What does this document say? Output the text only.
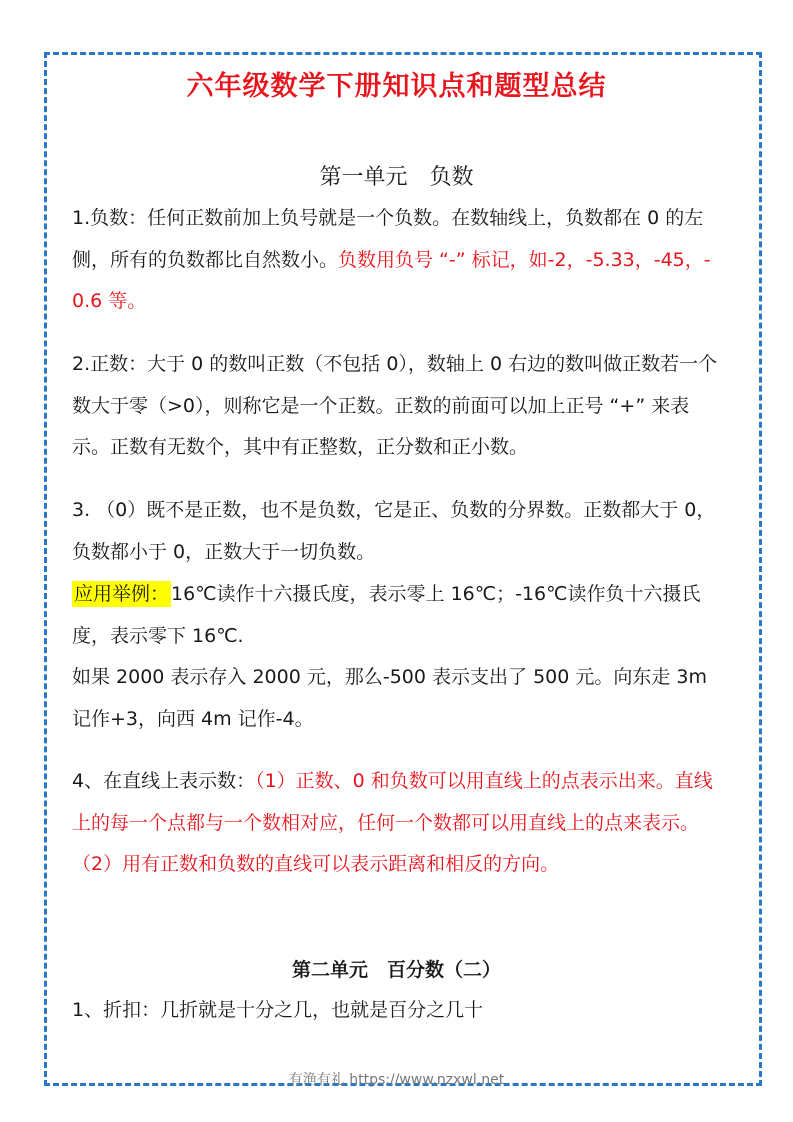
六年级数学下册知识点和题型总结
第一单元　负数
1.负数：任何正数前加上负号就是一个负数。在数轴线上，负数都在 0 的左侧，所有的负数都比自然数小。负数用负号 “-” 标记，如-2，-5.33，-45，-0.6 等。
2.正数：大于 0 的数叫正数（不包括 0），数轴上 0 右边的数叫做正数若一个数大于零（>0），则称它是一个正数。正数的前面可以加上正号 “+” 来表示。正数有无数个，其中有正整数，正分数和正小数。
3. （0）既不是正数，也不是负数，它是正、负数的分界数。正数都大于 0，负数都小于 0，正数大于一切负数。
应用举例： 16℃读作十六摄氏度，表示零上 16℃；-16℃读作负十六摄氏度，表示零下 16℃.
如果 2000 表示存入 2000 元，那么-500 表示支出了 500 元。向东走 3m 记作+3，向西 4m 记作-4。
4、在直线上表示数：（1）正数、0 和负数可以用直线上的点表示出来。直线上的每一个点都与一个数相对应，任何一个数都可以用直线上的点来表示。（2）用有正数和负数的直线可以表示距离和相反的方向。
第二单元　百分数（二）
1、折扣：几折就是十分之几，也就是百分之几十
有渔有礼 https://www.nzxwl.net
